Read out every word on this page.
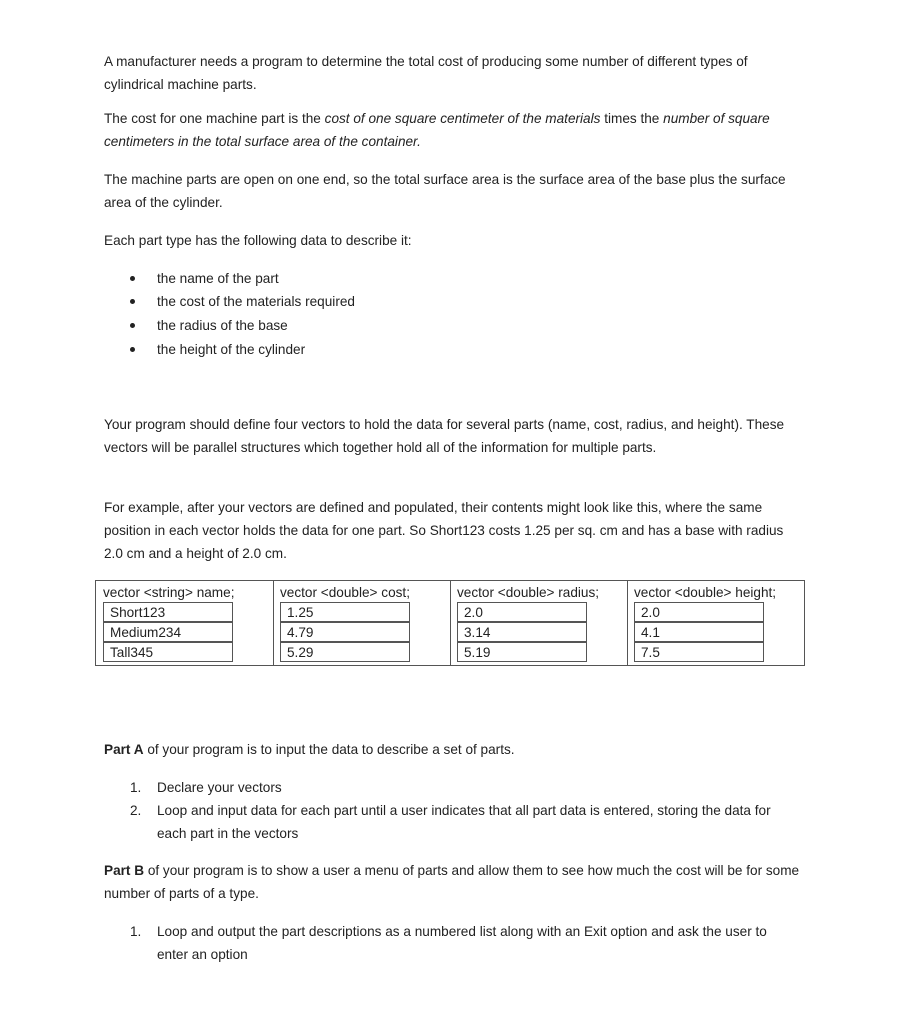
A manufacturer needs a program to determine the total cost of producing some number of different types of cylindrical machine parts.

The cost for one machine part is the cost of one square centimeter of the materials times the number of square centimeters in the total surface area of the container.

The machine parts are open on one end, so the total surface area is the surface area of the base plus the surface area of the cylinder.

Each part type has the following data to describe it:

the name of the part
the cost of the materials required
the radius of the base
the height of the cylinder

Your program should define four vectors to hold the data for several parts (name, cost, radius, and height). These vectors will be parallel structures which together hold all of the information for multiple parts.

For example, after your vectors are defined and populated, their contents might look like this, where the same position in each vector holds the data for one part. So Short123 costs 1.25 per sq. cm and has a base with radius 2.0 cm and a height of 2.0 cm.

Part A of your program is to input the data to describe a set of parts.

1. Declare your vectors
2. Loop and input data for each part until a user indicates that all part data is entered, storing the data for each part in the vectors

Part B of your program is to show a user a menu of parts and allow them to see how much the cost will be for some number of parts of a type.

1. Loop and output the part descriptions as a numbered list along with an Exit option and ask the user to enter an option
vector <string> name;
Short123
Medium234
Tall345
vector <double> cost;
1.25
4.79
5.29
vector <double> radius;
2.0
3.14
5.19
vector <double> height;
2.0
4.1
7.5
